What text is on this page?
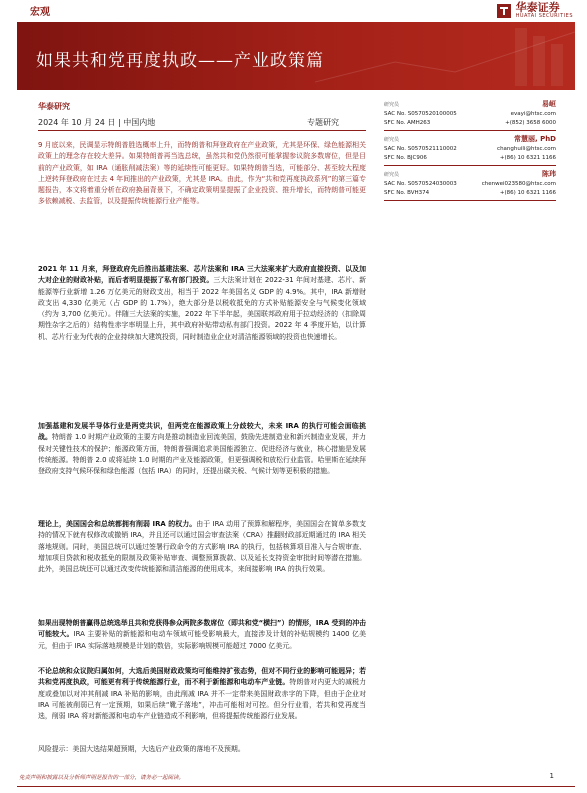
宏观	华泰证券
HUATAI SECURITIES
如果共和党再度执政——产业政策篇
华泰研究
2024 年 10 月 24 日 | 中国内地	专题研究

9 月底以来，民调显示特朗普胜选概率上升，而特朗普和拜登政府在产业政策，尤其是环保、绿色能源相关政策上的理念存在较大差异。如果特朗普再当选总统，虽然共和党仍然很可能掌握参议院多数席位，但是目前的产业政策，如 IRA（通胀削减法案）等的延续性可能更好。如果特朗普当选，可能部分、甚至较大程度上逆转拜登政府在过去 4 年间推出的产业政策，尤其是 IRA。由此，作为“共和党再度执政系列”的第三篇专题报告，本文将着重分析在政府换届背景下，不确定政策明显提振了企业投资、推升增长，而特朗普可能更多依赖减税、去监管，以及提振传统能源行业产能等。

2021 年 11 月来，拜登政府先后推出基建法案、芯片法案和 IRA 三大法案来扩大政府直接投资、以及加大对企业的财政补贴，而后者明显提振了私有部门投资。三大法案计划在 2022-31 年间对基建、芯片、新能源等行业新增 1.26 万亿美元的财政支出，相当于 2022 年美国名义 GDP 的 4.9%。其中，IRA 新增财政支出 4,330 亿美元（占 GDP 的 1.7%），绝大部分是以税收抵免的方式补贴能源安全与气候变化领域（约为 3,700 亿美元）。伴随三大法案的实施，2022 年下半年起，美国联邦政府用于拉动经济的（扣除周期性杂字之后的）结构性赤字率明显上升，其中政府补贴带动私有部门投资。2022 年 4 季度开始，以计算机、芯片行业为代表的企业持续加大建筑投资，同时制造业企业对清洁能源领域的投资也快速增长。

加强基建和发展半导体行业是两党共识，但两党在能源政策上分歧较大，未来 IRA 的执行可能会面临挑战。特朗普 1.0 时期产业政策的主要方向是推动制造业回流美国，鼓励先进制造业和新兴制造业发展，并力保对关键性技术的保护；能源政策方面，特朗普强调追求美国能源独立、促进经济与就业，核心措施是发展传统能源。特朗普 2.0 或将延续 1.0 时期的产业及能源政策，但更强调税和放松行业监管。哈里斯在延续拜登政府支持气候环保和绿色能源（包括 IRA）的同时，还提出碳关税、气候计划等更积极的措施。

理论上，美国国会和总统都拥有削弱 IRA 的权力。由于 IRA 动用了预算和解程序，美国国会在简单多数支持的情况下就有权修改或撤销 IRA，并且还可以通过国会审查法案（CRA）推翻财政部近期通过的 IRA 相关落地规则。同时，美国总统可以通过签署行政命令的方式影响 IRA 的执行，包括核算项目准入与合规审查、增加项目贷款和税收抵免的限制及政策补贴审查、调整预算拨款、以及延长支持资金审批时间等潜在措施。此外，美国总统还可以通过改变传统能源和清洁能源的使用成本，来间接影响 IRA 的执行效果。

如果出现特朗普赢得总统选举且共和党获得参众两院多数席位（即共和党“横扫”）的情形，IRA 受到的冲击可能较大。IRA 主要补贴的新能源和电动车领域可能受影响最大，直接涉及计划的补贴规模约 1400 亿美元，但由于 IRA 实际落地规模是计划的数倍，实际影响规模可能超过 7000 亿美元。

不论总统和众议院归属如何，大选后美国财政政策均可能维持扩张态势，但对不同行业的影响可能迥异；若共和党再度执政，可能更有利于传统能源行业，而不利于新能源和电动车产业链。特朗普对内更大的减税力度或叠加以对冲其削减 IRA 补贴的影响，由此削减 IRA 并不一定带来美国财政赤字的下降，但由于企业对 IRA 可能被削弱已有一定预期，如果后续“靴子落地”，冲击可能相对可控。但分行业看，若共和党再度当选，削弱 IRA 将对新能源和电动车产业链造成不利影响，但将提振传统能源行业发展。

风险提示：美国大选结果超预期，大选后产业政策的落地不及预期。

研究员	易峘
SAC No. S0570520100005	evayi@htsc.com
SFC No. AMH263	+(852) 3658 6000
研究员	常慧丽, PhD
SAC No. S0570521110002	changhuili@htsc.com
SFC No. BJC906	+(86) 10 6321 1166
研究员	陈玮
SAC No. S0570524030003	chenwei023580@htsc.com
SFC No. BVH374	+(86) 10 6321 1166
免责声明和披露以及分析师声明是报告的一部分，请务必一起阅读。	1
